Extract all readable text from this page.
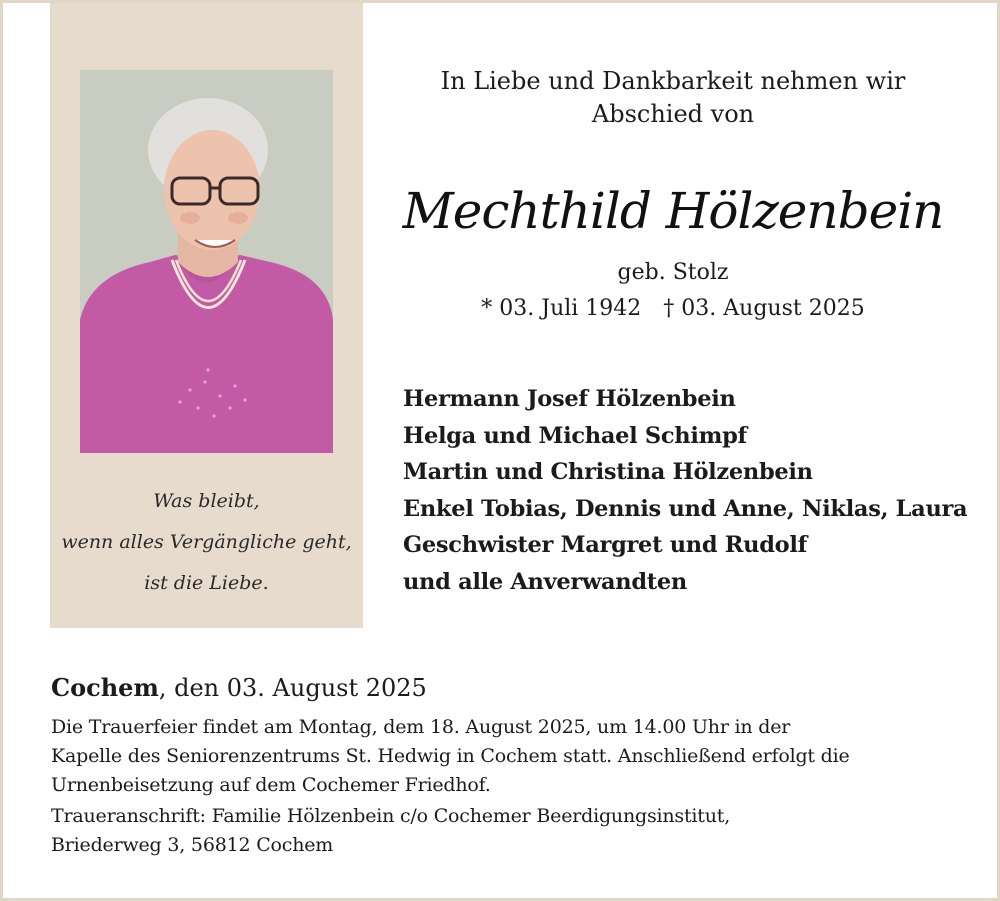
Was bleibt,
wenn alles Vergängliche geht,
ist die Liebe.
In Liebe und Dankbarkeit nehmen wir
Abschied von
Mechthild Hölzenbein
geb. Stolz
* 03. Juli 1942 † 03. August 2025
Hermann Josef Hölzenbein
Helga und Michael Schimpf
Martin und Christina Hölzenbein
Enkel Tobias, Dennis und Anne, Niklas, Laura
Geschwister Margret und Rudolf
und alle Anverwandten
Cochem, den 03. August 2025
Die Trauerfeier findet am Montag, dem 18. August 2025, um 14.00 Uhr in der
Kapelle des Seniorenzentrums St. Hedwig in Cochem statt. Anschließend erfolgt die
Urnenbeisetzung auf dem Cochemer Friedhof.
Traueranschrift: Familie Hölzenbein c/o Cochemer Beerdigungsinstitut,
Briederweg 3, 56812 Cochem
